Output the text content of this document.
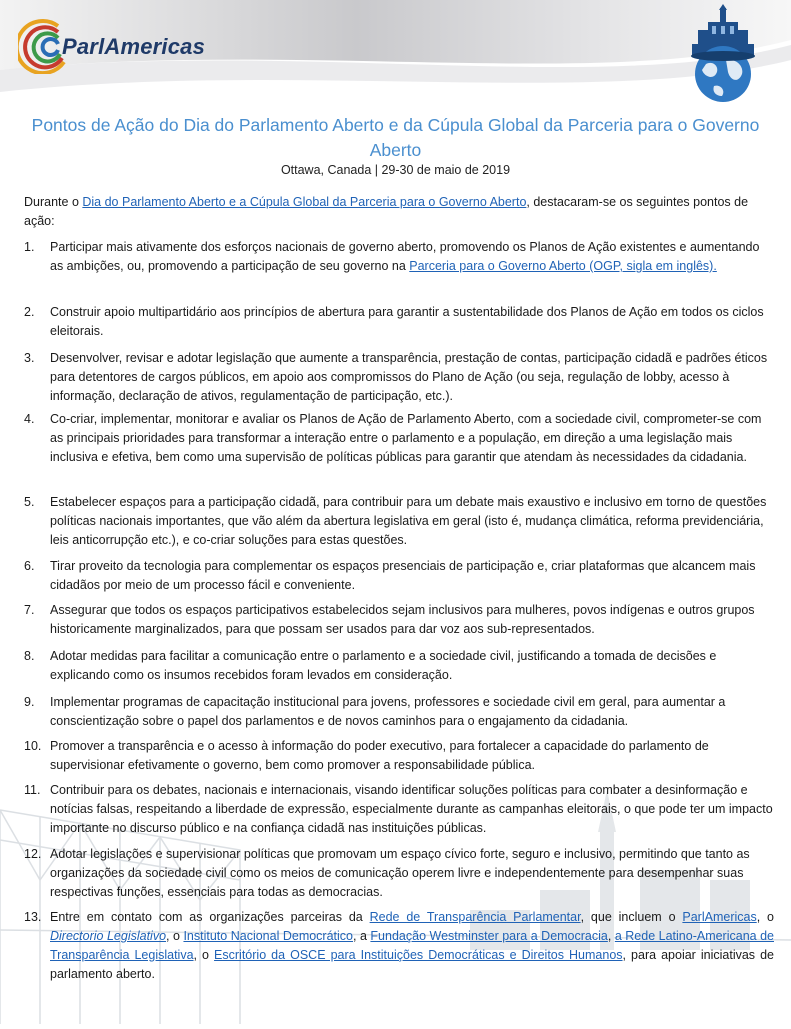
ParlAmericas
Pontos de Ação do Dia do Parlamento Aberto e da Cúpula Global da Parceria para o Governo Aberto
Ottawa, Canada | 29-30 de maio de 2019
Durante o Dia do Parlamento Aberto e a Cúpula Global da Parceria para o Governo Aberto, destacaram-se os seguintes pontos de ação:
1.	Participar mais ativamente dos esforços nacionais de governo aberto, promovendo os Planos de Ação existentes e aumentando as ambições, ou, promovendo a participação de seu governo na Parceria para o Governo Aberto (OGP, sigla em inglês).
2.	Construir apoio multipartidário aos princípios de abertura para garantir a sustentabilidade dos Planos de Ação em todos os ciclos eleitorais.
3.	Desenvolver, revisar e adotar legislação que aumente a transparência, prestação de contas, participação cidadã e padrões éticos para detentores de cargos públicos, em apoio aos compromissos do Plano de Ação (ou seja, regulação de lobby, acesso à informação, declaração de ativos, regulamentação de participação, etc.).
4.	Co-criar, implementar, monitorar e avaliar os Planos de Ação de Parlamento Aberto, com a sociedade civil, comprometer-se com as principais prioridades para transformar a interação entre o parlamento e a população, em direção a uma legislação mais inclusiva e efetiva, bem como uma supervisão de políticas públicas para garantir que atendam às necessidades da cidadania.
5.	Estabelecer espaços para a participação cidadã, para contribuir para um debate mais exaustivo e inclusivo em torno de questões políticas nacionais importantes, que vão além da abertura legislativa em geral (isto é, mudança climática, reforma previdenciária, leis anticorrupção etc.), e co-criar soluções para estas questões.
6.	Tirar proveito da tecnologia para complementar os espaços presenciais de participação e, criar plataformas que alcancem mais cidadãos por meio de um processo fácil e conveniente.
7.	Assegurar que todos os espaços participativos estabelecidos sejam inclusivos para mulheres, povos indígenas e outros grupos historicamente marginalizados, para que possam ser usados para dar voz aos sub-representados.
8.	Adotar medidas para facilitar a comunicação entre o parlamento e a sociedade civil, justificando a tomada de decisões e explicando como os insumos recebidos foram levados em consideração.
9.	Implementar programas de capacitação institucional para jovens, professores e sociedade civil em geral, para aumentar a conscientização sobre o papel dos parlamentos e de novos caminhos para o engajamento da cidadania.
10. Promover a transparência e o acesso à informação do poder executivo, para fortalecer a capacidade do parlamento de supervisionar efetivamente o governo, bem como promover a responsabilidade pública.
11. Contribuir para os debates, nacionais e internacionais, visando identificar soluções políticas para combater a desinformação e notícias falsas, respeitando a liberdade de expressão, especialmente durante as campanhas eleitorais, o que pode ter um impacto importante no discurso público e na confiança cidadã nas instituições públicas.
12. Adotar legislações e supervisionar políticas que promovam um espaço cívico forte, seguro e inclusivo, permitindo que tanto as organizações da sociedade civil como os meios de comunicação operem livre e independentemente para desempenhar suas respectivas funções, essenciais para todas as democracias.
13. Entre em contato com as organizações parceiras da Rede de Transparência Parlamentar, que incluem o ParlAmericas, o Directorio Legislativo, o Instituto Nacional Democrático, a Fundação Westminster para a Democracia, a Rede Latino-Americana de Transparência Legislativa, o Escritório da OSCE para Instituições Democráticas e Direitos Humanos, para apoiar iniciativas de parlamento aberto.
